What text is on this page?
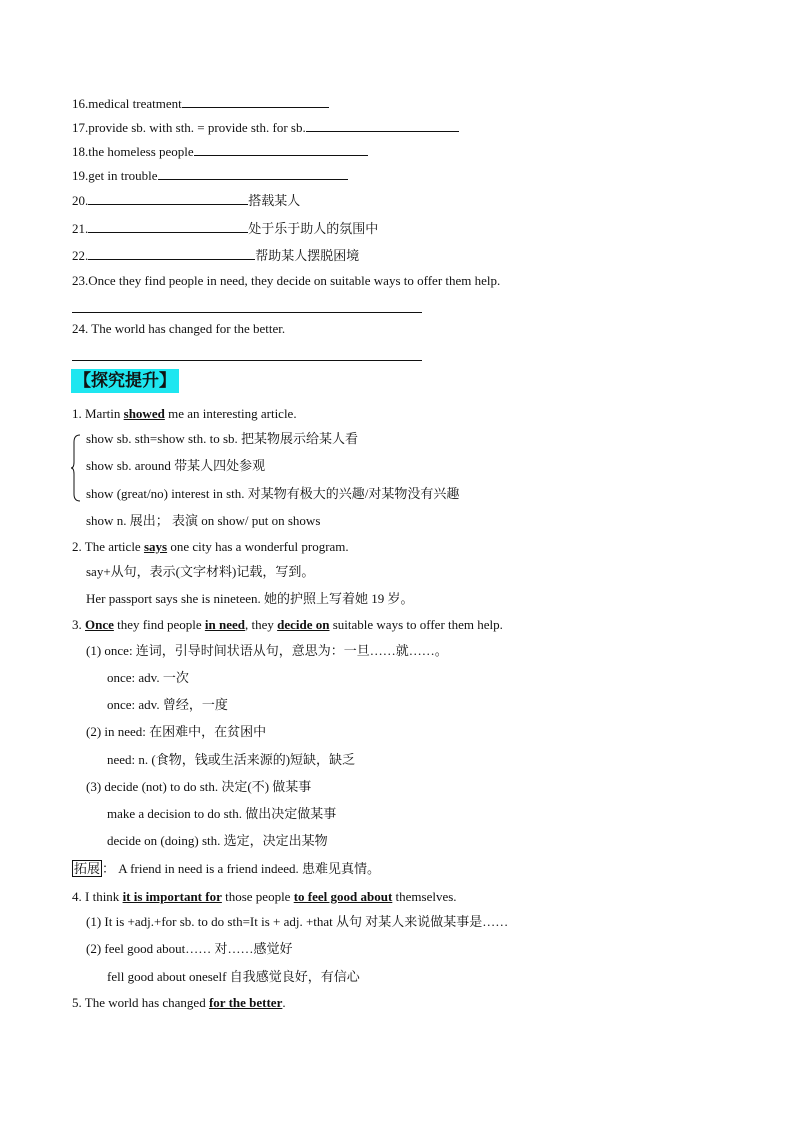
16.medical treatment
17.provide sb. with sth. = provide sth. for sb.
18.the homeless people
19.get in trouble
20.	搭载某人
21.	处于乐于助人的氛围中
22.	帮助某人摆脱困境
23.Once they find people in need, they decide on suitable ways to offer them help.
24. The world has changed for the better.
【探究提升】
1. Martin showed me an interesting article.
show sb. sth=show sth. to sb. 把某物展示给某人看
show sb. around 带某人四处参观
show (great/no) interest in sth. 对某物有极大的兴趣/对某物没有兴趣
show n. 展出； 表演 on show/ put on shows
2. The article says one city has a wonderful program.
say+从句，表示(文字材料)记载，写到。
Her passport says she is nineteen. 她的护照上写着她 19 岁。
3. Once they find people in need, they decide on suitable ways to offer them help.
(1) once: 连词，引导时间状语从句，意思为：一旦……就……。
once: adv. 一次
once: adv. 曾经，一度
(2) in need: 在困难中，在贫困中
need: n. (食物，钱或生活来源的)短缺，缺乏
(3) decide (not) to do sth. 决定(不) 做某事
make a decision to do sth. 做出决定做某事
decide on (doing) sth. 选定，决定出某物
拓展 ： A friend in need is a friend indeed. 患难见真情。
4. I think it is important for those people to feel good about themselves.
(1) It is +adj.+for sb. to do sth=It is + adj. +that 从句 对某人来说做某事是……
(2) feel good about…… 对……感觉好
fell good about oneself 自我感觉良好，有信心
5. The world has changed for the better.
